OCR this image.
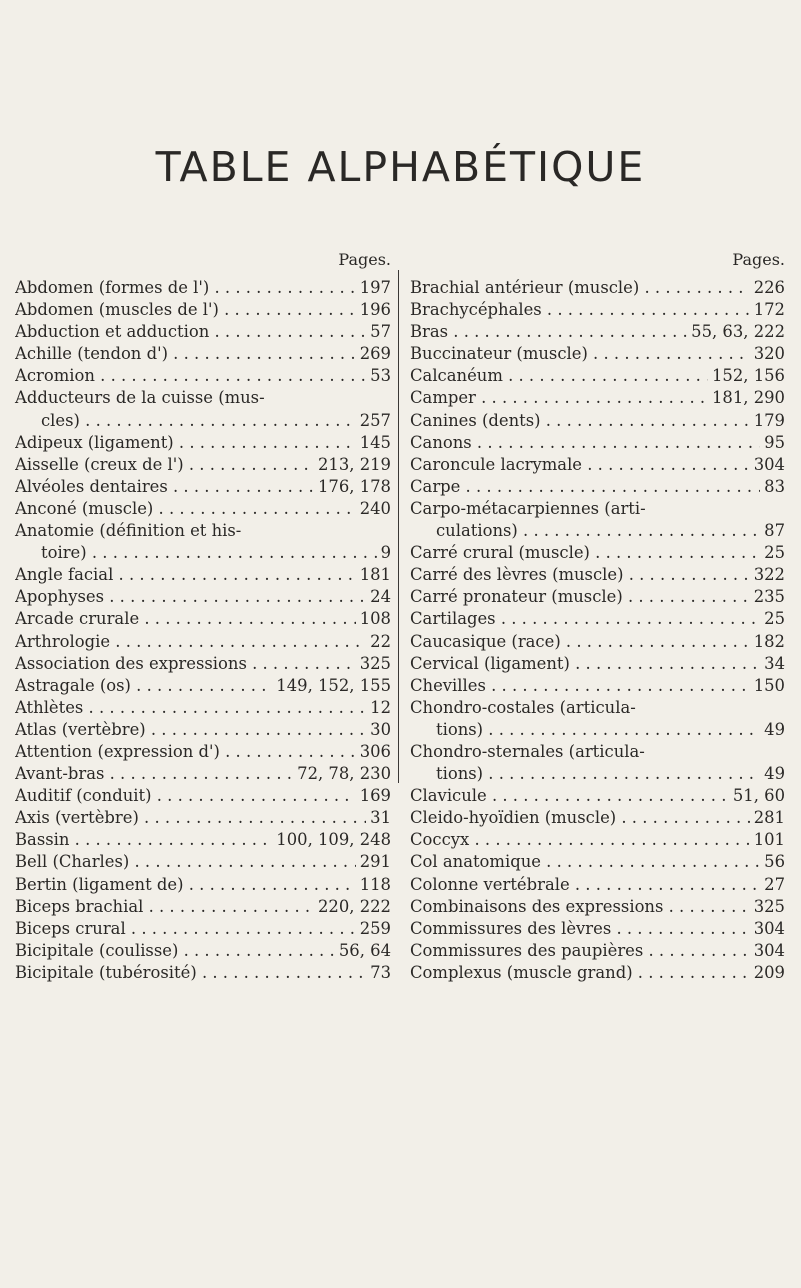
TABLE ALPHABÉTIQUE
Pages.
Abdomen (formes de l') . . .	197
Abdomen (muscles de l') . . .	196
Abduction et adduction . . .	57
Achille (tendon d') . . .	269
Acromion . . .	53
Adducteurs de la cuisse (mus-
cles) . . .	257
Adipeux (ligament) . . .	145
Aisselle (creux de l') . . .	213, 219
Alvéoles dentaires . . .	176, 178
Anconé (muscle) . . .	240
Anatomie (définition et his-
toire) . . .	9
Angle facial . . .	181
Apophyses . . .	24
Arcade crurale . . .	108
Arthrologie . . .	22
Association des expressions . . .	325
Astragale (os) . . .	149, 152, 155
Athlètes . . .	12
Atlas (vertèbre) . . .	30
Attention (expression d') . . .	306
Avant-bras . . .	72, 78, 230
Auditif (conduit) . . .	169
Axis (vertèbre) . . .	31
Bassin . . .	100, 109, 248
Bell (Charles) . . .	291
Bertin (ligament de) . . .	118
Biceps brachial . . .	220, 222
Biceps crural . . .	259
Bicipitale (coulisse) . . .	56, 64
Bicipitale (tubérosité) . . .	73
Pages.
Brachial antérieur (muscle) . . .	226
Brachycéphales . . .	172
Bras . . .	55, 63, 222
Buccinateur (muscle) . . .	320
Calcanéum . . .	152, 156
Camper . . .	181, 290
Canines (dents) . . .	179
Canons . . .	95
Caroncule lacrymale . . .	304
Carpe . . .	83
Carpo-métacarpiennes (arti-
culations) . . .	87
Carré crural (muscle) . . .	25
Carré des lèvres (muscle) . . .	322
Carré pronateur (muscle) . . .	235
Cartilages . . .	25
Caucasique (race) . . .	182
Cervical (ligament) . . .	34
Chevilles . . .	150
Chondro-costales (articula-
tions) . . .	49
Chondro-sternales (articula-
tions) . . .	49
Clavicule . . .	51, 60
Cleido-hyoïdien (muscle) . . .	281
Coccyx . . .	101
Col anatomique . . .	56
Colonne vertébrale . . .	27
Combinaisons des expressions . . .	325
Commissures des lèvres . . .	304
Commissures des paupières . . .	304
Complexus (muscle grand) . . .	209
